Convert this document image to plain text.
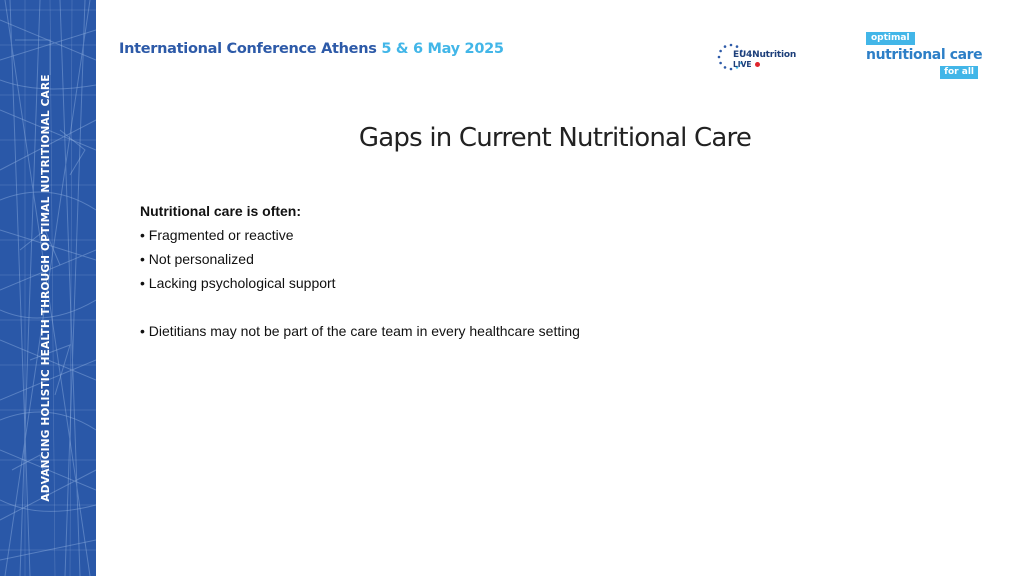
ADVANCING HOLISTIC HEALTH THROUGH OPTIMAL NUTRITIONAL CARE
International Conference Athens 5 & 6 May 2025	EU4Nutrition
LIVE
optimal
nutritional care
for all
Gaps in Current Nutritional Care
Nutritional care is often:
• Fragmented or reactive
• Not personalized
• Lacking psychological support
• Dietitians may not be part of the care team in every healthcare setting
